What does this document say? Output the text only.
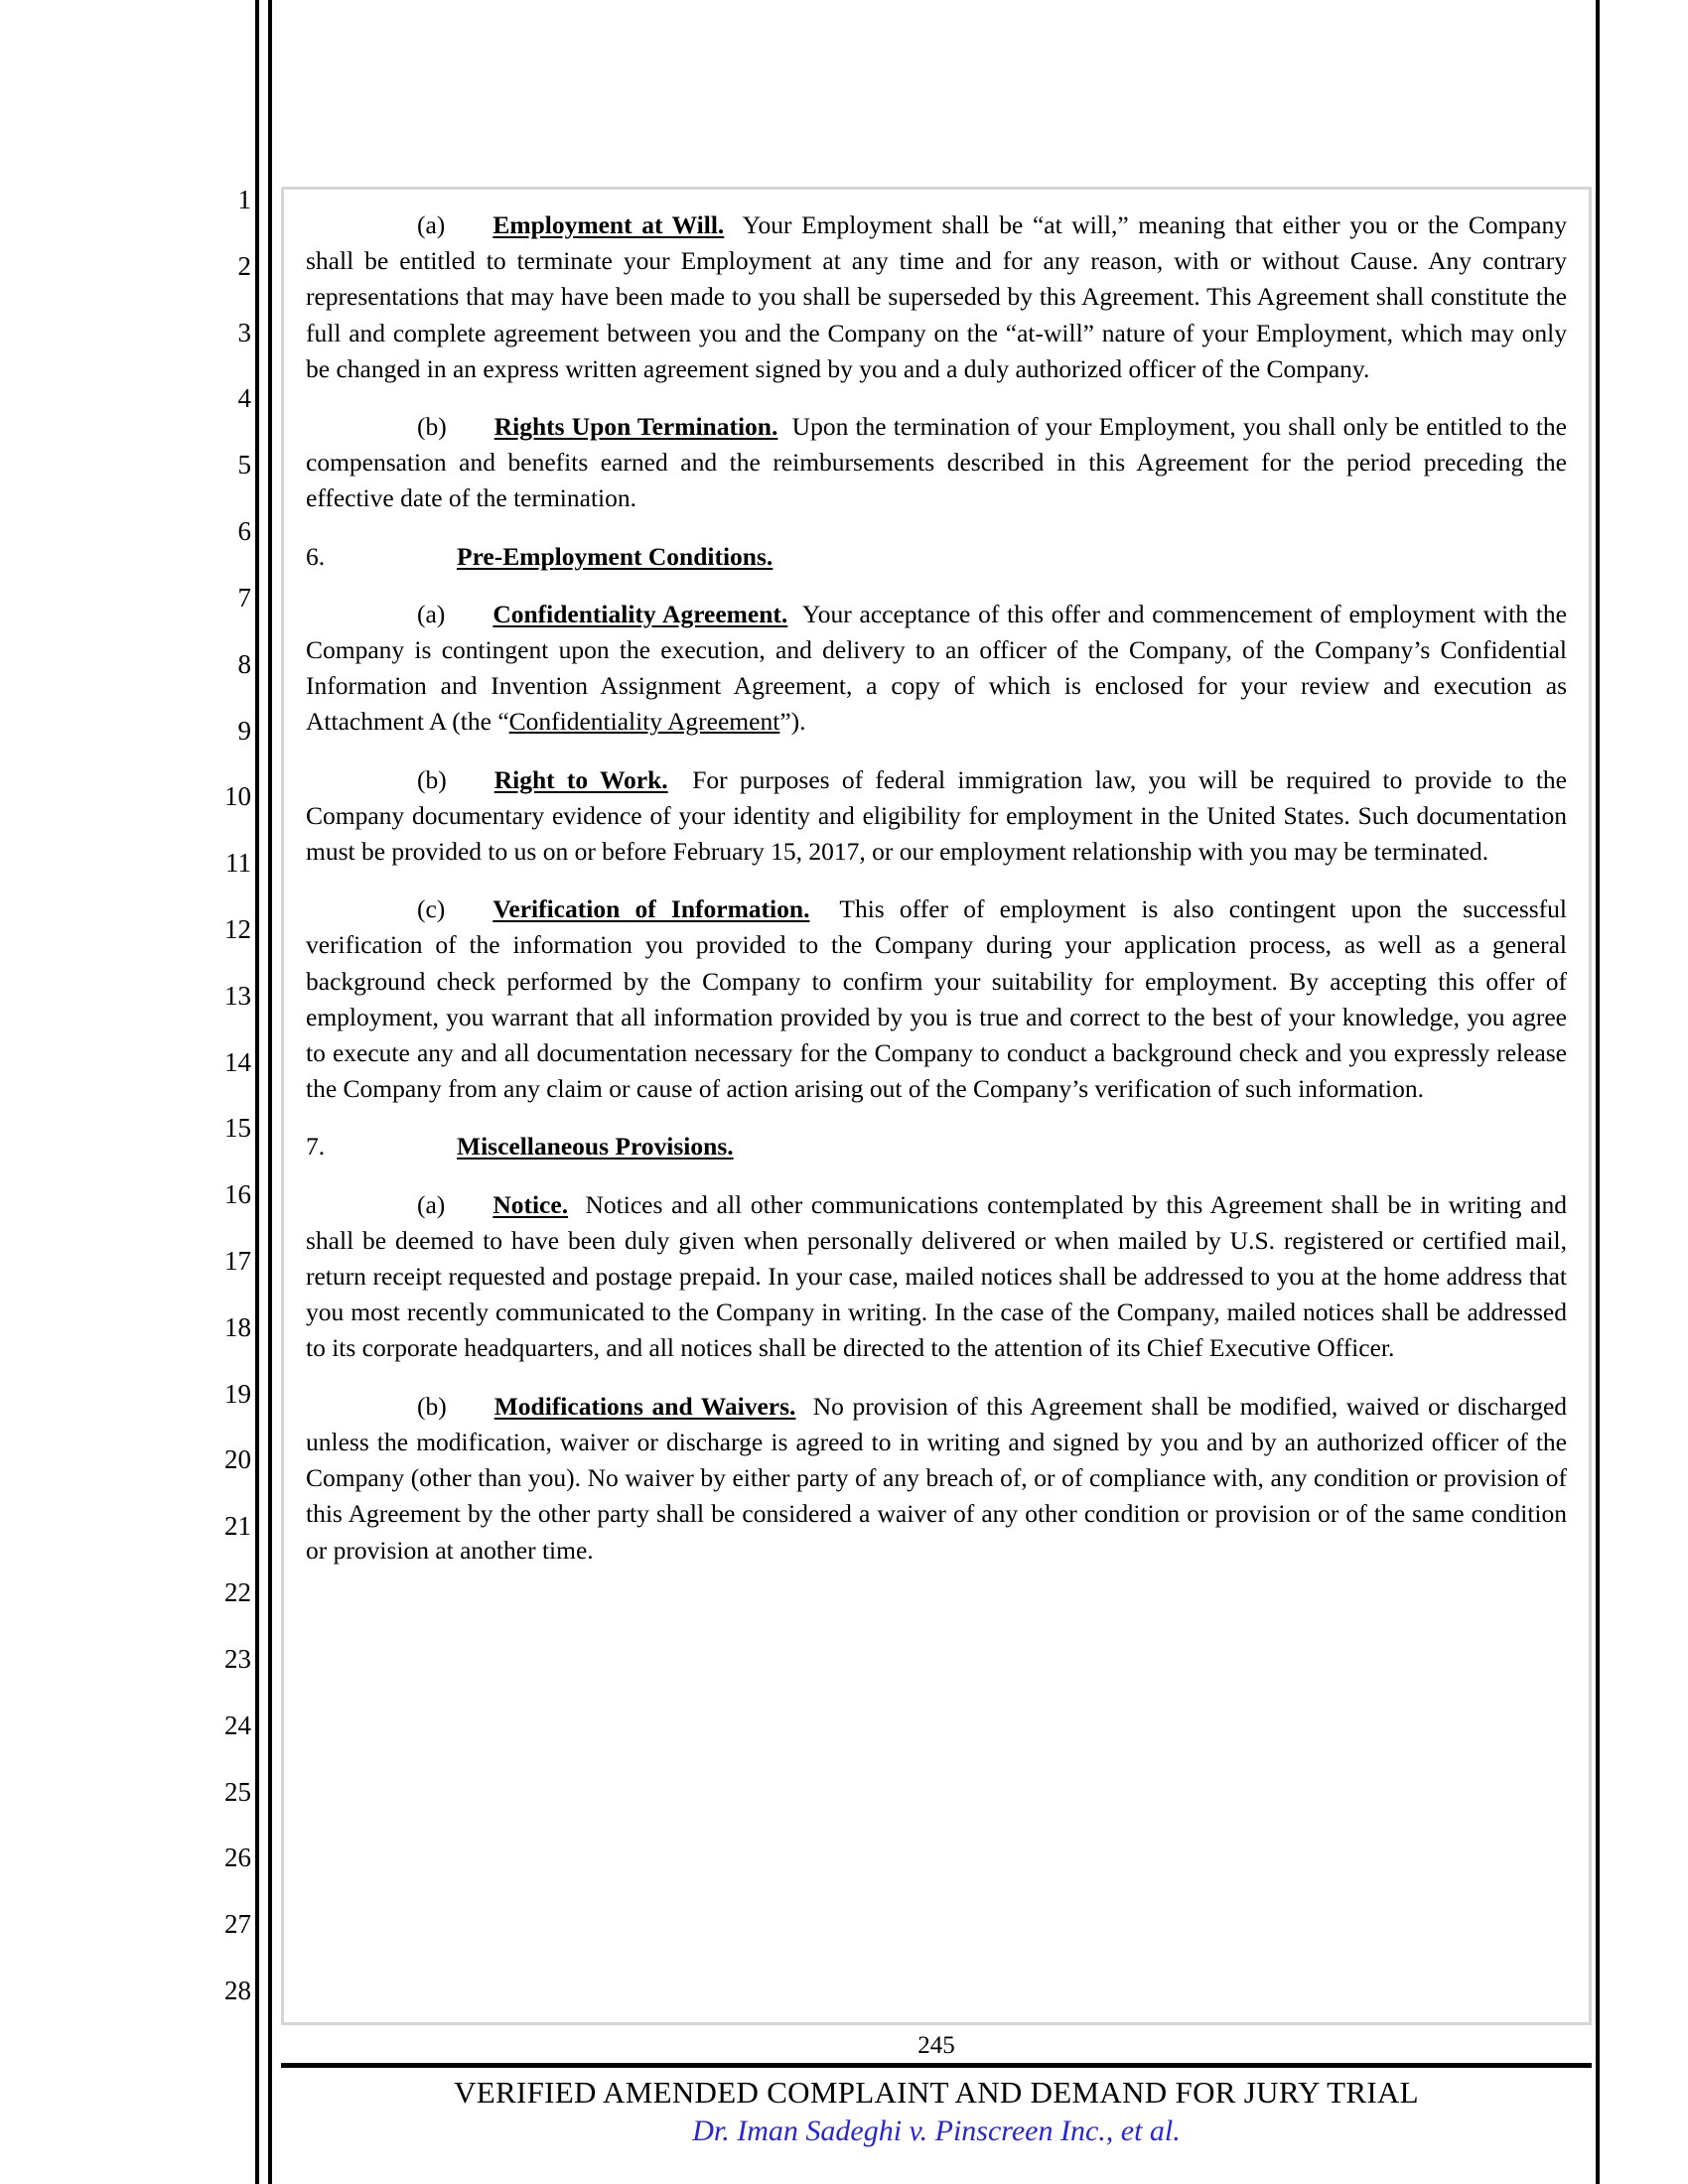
1
2
3
4
5
6
7
8
9
10
11
12
13
14
15
16
17
18
19
20
21
22
23
24
25
26
27
28

(a) Employment at Will. Your Employment shall be “at will,” meaning that either you or the Company shall be entitled to terminate your Employment at any time and for any reason, with or without Cause. Any contrary representations that may have been made to you shall be superseded by this Agreement. This Agreement shall constitute the full and complete agreement between you and the Company on the “at-will” nature of your Employment, which may only be changed in an express written agreement signed by you and a duly authorized officer of the Company.

(b) Rights Upon Termination. Upon the termination of your Employment, you shall only be entitled to the compensation and benefits earned and the reimbursements described in this Agreement for the period preceding the effective date of the termination.

6.	Pre-Employment Conditions.

(a) Confidentiality Agreement. Your acceptance of this offer and commencement of employment with the Company is contingent upon the execution, and delivery to an officer of the Company, of the Company’s Confidential Information and Invention Assignment Agreement, a copy of which is enclosed for your review and execution as Attachment A (the “Confidentiality Agreement”).

(b) Right to Work. For purposes of federal immigration law, you will be required to provide to the Company documentary evidence of your identity and eligibility for employment in the United States. Such documentation must be provided to us on or before February 15, 2017, or our employment relationship with you may be terminated.

(c) Verification of Information. This offer of employment is also contingent upon the successful verification of the information you provided to the Company during your application process, as well as a general background check performed by the Company to confirm your suitability for employment. By accepting this offer of employment, you warrant that all information provided by you is true and correct to the best of your knowledge, you agree to execute any and all documentation necessary for the Company to conduct a background check and you expressly release the Company from any claim or cause of action arising out of the Company’s verification of such information.

7.	Miscellaneous Provisions.

(a) Notice. Notices and all other communications contemplated by this Agreement shall be in writing and shall be deemed to have been duly given when personally delivered or when mailed by U.S. registered or certified mail, return receipt requested and postage prepaid. In your case, mailed notices shall be addressed to you at the home address that you most recently communicated to the Company in writing. In the case of the Company, mailed notices shall be addressed to its corporate headquarters, and all notices shall be directed to the attention of its Chief Executive Officer.

(b) Modifications and Waivers. No provision of this Agreement shall be modified, waived or discharged unless the modification, waiver or discharge is agreed to in writing and signed by you and by an authorized officer of the Company (other than you). No waiver by either party of any breach of, or of compliance with, any condition or provision of this Agreement by the other party shall be considered a waiver of any other condition or provision or of the same condition or provision at another time.

245
VERIFIED AMENDED COMPLAINT AND DEMAND FOR JURY TRIAL
Dr. Iman Sadeghi v. Pinscreen Inc., et al.
